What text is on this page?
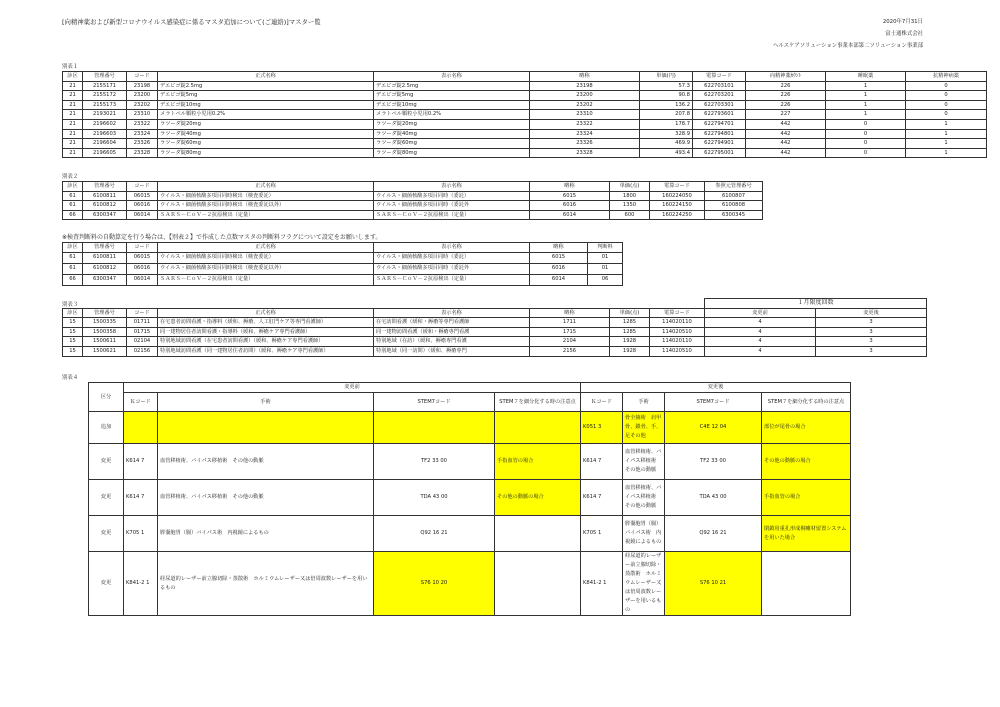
[向精神薬および新型コロナウイルス感染症に係るマスタ追加について(ご連絡)]マスター覧	2020年7月31日
富士通株式会社
ヘルスケアソリューション事業本部第二ソリューション事業部
別表１
診区	管理番号	コード	正式名称	表示名称	略称	単価(円)	電算コード	向精神薬ｶｳﾝﾄ	睡眠薬	抗精神病薬
21	2155171	23198	デエビゴ錠2.5mg	デエビゴ錠2.5mg	23198	57.3	622703101	226	1	0
21	2155172	23200	デエビゴ錠5mg	デエビゴ錠5mg	23200	90.8	622703201	226	1	0
21	2155173	23202	デエビゴ錠10mg	デエビゴ錠10mg	23202	136.2	622703301	226	1	0
21	2193021	23310	メラトベル顆粒小児用0.2%	メラトベル顆粒小児用0.2%	23310	207.8	622793601	227	1	0
21	2196602	23322	ラツーダ錠20mg	ラツーダ錠20mg	23322	178.7	622794701	442	0	1
21	2196603	23324	ラツーダ錠40mg	ラツーダ錠40mg	23324	328.9	622794801	442	0	1
21	2196604	23326	ラツーダ錠60mg	ラツーダ錠60mg	23326	469.9	622794901	442	0	1
21	2196605	23328	ラツーダ錠80mg	ラツーダ錠80mg	23328	493.4	622795001	442	0	1
別表２
診区	管理番号	コード	正式名称	表示名称	略称	単価(点)	電算コード	参照元管理番号
61	6100811	06015	ウイルス・細菌核酸多項目同時検出（検査委託）	ウイルス・細菌核酸多項目同時（委託）	6015	1800	160224050	6100807
61	6100812	06016	ウイルス・細菌核酸多項目同時検出（検査委託以外）	ウイルス・細菌核酸多項目同時（委託外	6016	1350	160224150	6100808
66	6300347	06014	ＳＡＲＳ－ＣｏＶ－２抗原検出（定量）	ＳＡＲＳ－ＣｏＶ－２抗原検出（定量）	6014	600	160224250	6300345
※検査判断料の自動算定を行う場合は、【別表２】で作成した点数マスタの判断料フラグについて設定をお願いします。
診区	管理番号	コード	正式名称	表示名称	略称	判断料
61	6100811	06015	ウイルス・細菌核酸多項目同時検出（検査委託）	ウイルス・細菌核酸多項目同時（委託）	6015	01
61	6100812	06016	ウイルス・細菌核酸多項目同時検出（検査委託以外）	ウイルス・細菌核酸多項目同時（委託外	6016	01
66	6300347	06014	ＳＡＲＳ－ＣｏＶ－２抗原検出（定量）	ＳＡＲＳ－ＣｏＶ－２抗原検出（定量）	6014	06
別表３
								１月限度回数	
診区	管理番号	コード	正式名称	表示名称	略称	単価(点)	電算コード	変更前	変更後
15	1500335	01711	在宅患者訪問看護・指導料（緩和、褥瘡、人工肛門ケア等専門看護師）	在宅訪問看護（緩和・褥瘡等専門看護師	1711	1285	114020110	4	3
15	1500358	01715	同一建物居住者訪問看護・指導料（緩和、褥瘡ケア専門看護師）	同一建物訪問看護（緩和・褥瘡専門看護	1715	1285	114020510	4	3
15	1500611	02104	特別地域訪問看護（在宅患者訪問看護）（緩和、褥瘡ケア専門看護師）	特別地域（在訪）（緩和、褥瘡専門看護	2104	1928	114020110	4	3
15	1500621	02156	特別地域訪問看護（同一建物居住者訪問）（緩和、褥瘡ケア専門看護師）	特別地域（同一訪問）（緩和、褥瘡専門	2156	1928	114020510	4	3
別表４
区分	変更前				変更後			
	Ｋコード	手術	STEM7コード	STEM７を細分化する時の注意点	Ｋコード	手術	STEM7コード	STEM７を細分化する時の注意点
追加					K051 3	骨全摘術　肩甲骨、鎖骨、手、足その他	C4E 12 04	部位が尾骨の場合
変更	K614 7	血管移植術、バイパス移植術　その他の動脈	TF2 33 00	手指血管の場合	K614 7	血管移植術、バイパス移植術　その他の動脈	TF2 33 00	その他の動脈の場合
変更	K614 7	血管移植術、バイパス移植術　その他の動脈	TDA 43 00	その他の動脈の場合	K614 7	血管移植術、バイパス移植術　その他の動脈	TDA 43 00	手指血管の場合
変更	K705 1	膵嚢胞胃（腸）バイパス術　内視鏡によるもの	Q92 16 21		K705 1	膵嚢胞胃（腸）バイパス術　内視鏡によるもの	Q92 16 21	閉鎖用重孔形成桐瘻材留置システムを用いた場合
変更	K841-2 1	経尿道的レーザー前立腺切除・蒸散術　ホルミウムレーザー又は倍周波数レーザーを用いるもの	S76 10 20		K841-2 1	経尿道的レーザー前立腺切除・蒸散術　ホルミウムレーザー又は倍周波数レーザーを用いるもの	S76 10 21	
